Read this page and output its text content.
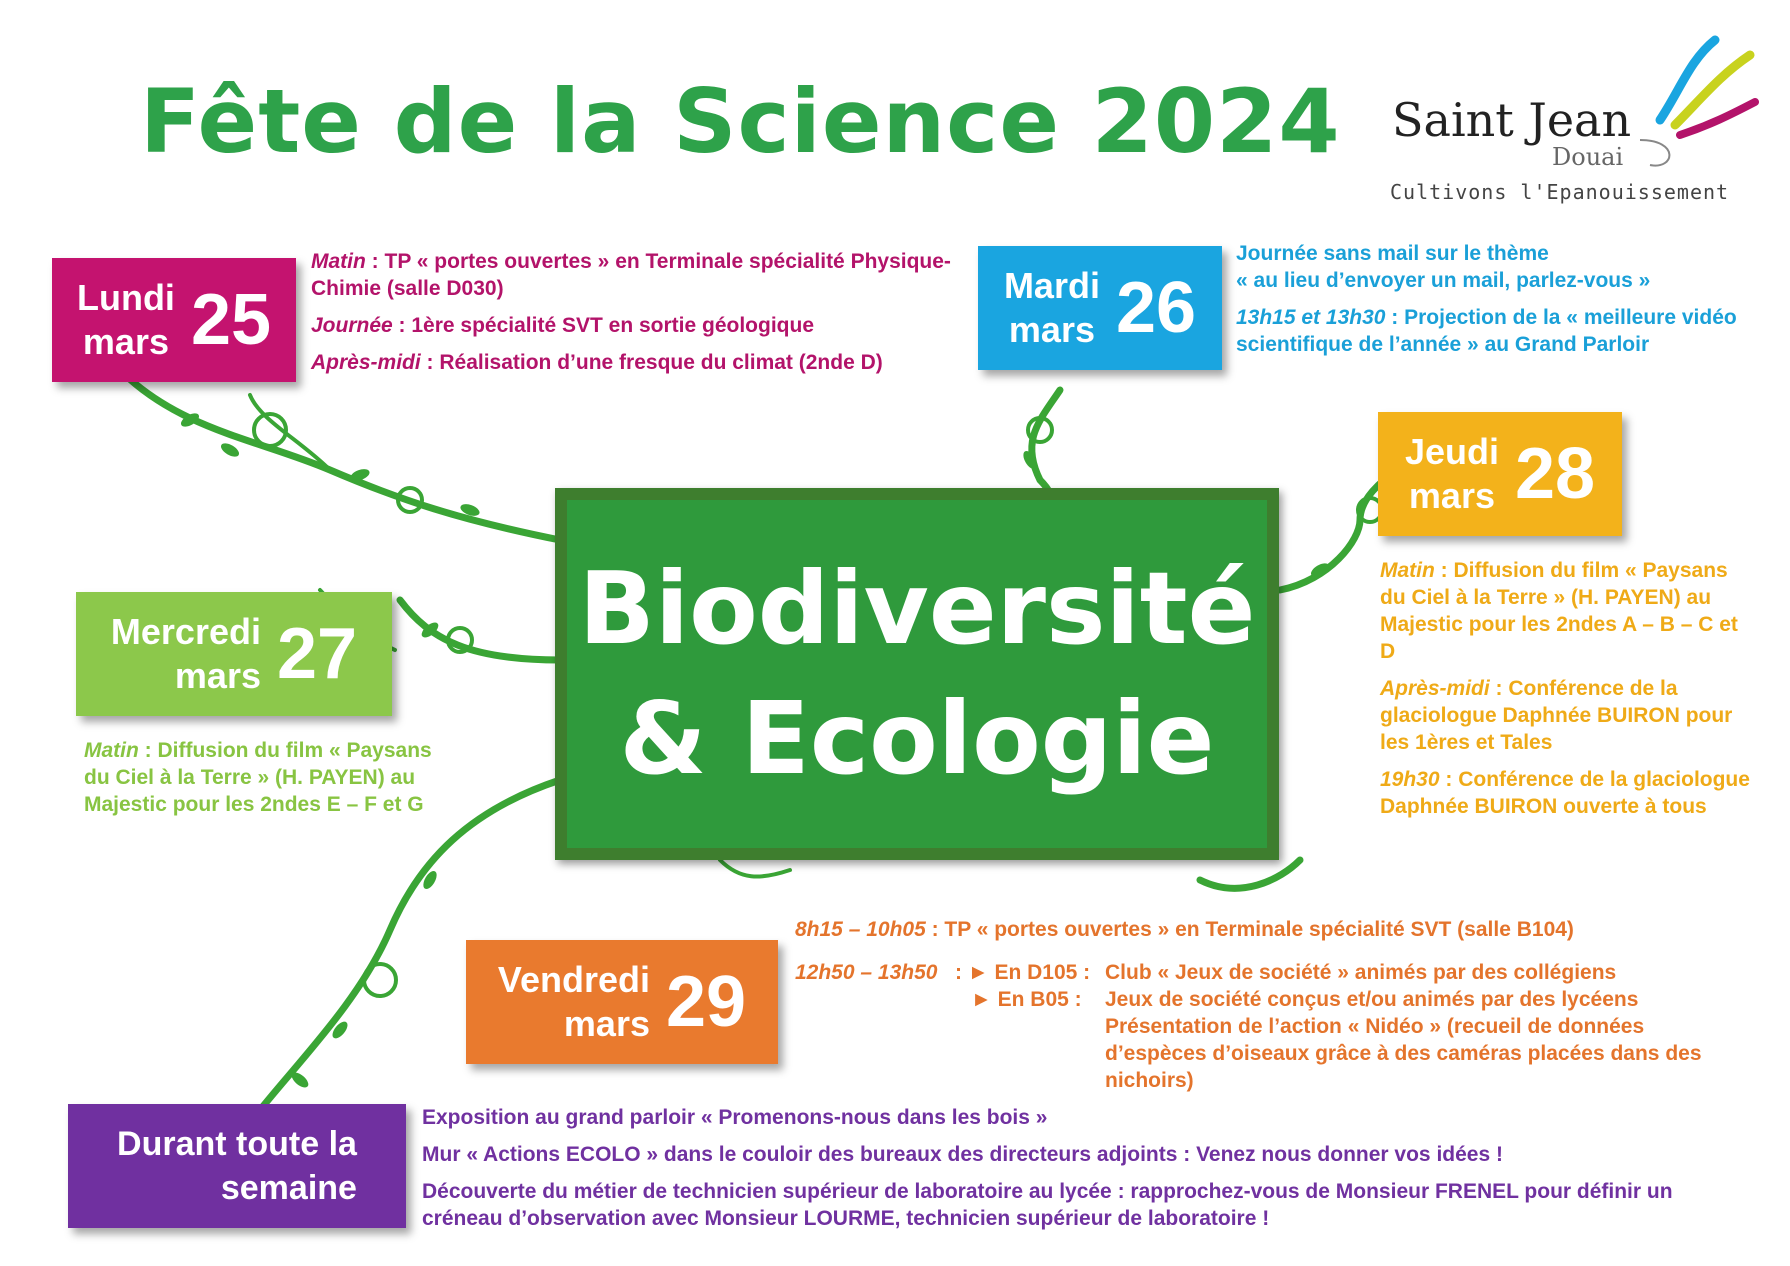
Fête de la Science 2024 Saint Jean
Douai
Cultivons l'Epanouissement
Biodiversité
& Ecologie
Lundi
mars 25

Matin : TP « portes ouvertes » en Terminale spécialité Physique-Chimie (salle D030)

Journée : 1ère spécialité SVT en sortie géologique

Après-midi : Réalisation d’une fresque du climat (2nde D)

Mardi
mars 26

Journée sans mail sur le thème

« au lieu d’envoyer un mail, parlez-vous »

13h15 et 13h30 : Projection de la « meilleure vidéo scientifique de l’année » au Grand Parloir

Jeudi
mars 28

Matin : Diffusion du film « Paysans du Ciel à la Terre » (H. PAYEN) au Majestic pour les 2ndes A – B – C et D

Après-midi : Conférence de la glaciologue Daphnée BUIRON pour les 1ères et Tales

19h30 : Conférence de la glaciologue Daphnée BUIRON ouverte à tous

Mercredi
mars 27

Matin : Diffusion du film « Paysans du Ciel à la Terre » (H. PAYEN) au Majestic pour les 2ndes E – F et G

Vendredi
mars 29

8h15 – 10h05 : TP « portes ouvertes » en Terminale spécialité SVT (salle B104)

12h50 – 13h50 : ► En D105 : Club « Jeux de société » animés par des collégiens
► En B05 :	Jeux de société conçus et/ou animés par des lycéens
Présentation de l’action « Nidéo » (recueil de données d’espèces d’oiseaux grâce à des caméras placées dans des nichoirs)
Durant toute la
semaine

Exposition au grand parloir « Promenons-nous dans les bois »

Mur « Actions ECOLO » dans le couloir des bureaux des directeurs adjoints : Venez nous donner vos idées !

Découverte du métier de technicien supérieur de laboratoire au lycée : rapprochez-vous de Monsieur FRENEL pour définir un créneau d’observation avec Monsieur LOURME, technicien supérieur de laboratoire !
